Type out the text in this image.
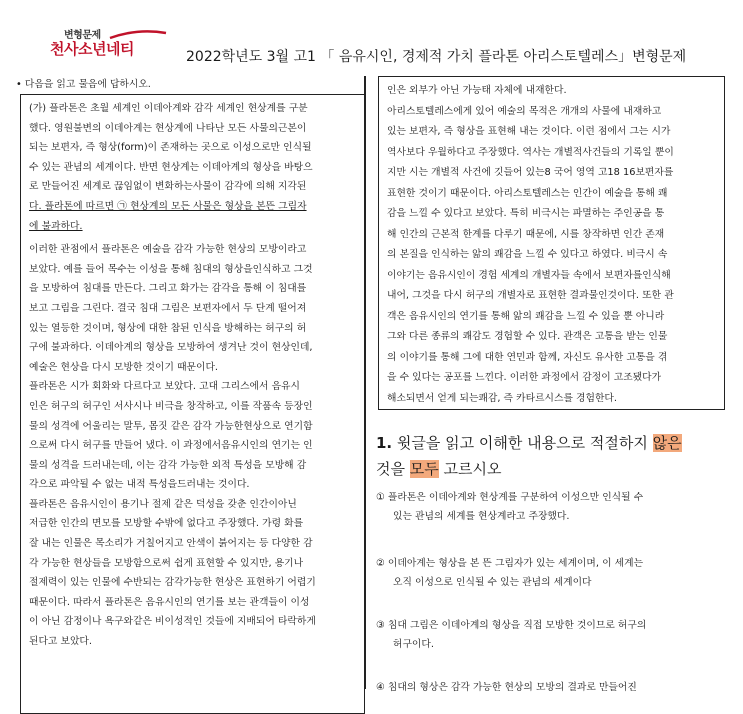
변형문제
천사소년네티	2022학년도 3월 고1 「 음유시인, 경제적 가치 플라톤 아리스토텔레스」변형문제
• 다음을 읽고 물음에 답하시오.
(가) 플라톤은 초월 세계인 이데아계와 감각 세계인 현상계를 구분
했다. 영원불변의 이데아계는 현상계에 나타난 모든 사물의근본이
되는 보편자, 즉 형상(form)이 존재하는 곳으로 이성으로만 인식될
수 있는 관념의 세계이다. 반면 현상계는 이데아계의 형상을 바탕으
로 만들어진 세계로 끊임없이 변화하는사물이 감각에 의해 지각된
다. 플라톤에 따르면 ㉠ 현상계의 모든 사물은 형상을 본뜬 그림자
에 불과하다.
이러한 관점에서 플라톤은 예술을 감각 가능한 현상의 모방이라고
보았다. 예를 들어 목수는 이성을 통해 침대의 형상을인식하고 그것
을 모방하여 침대를 만든다. 그리고 화가는 감각을 통해 이 침대를
보고 그림을 그린다. 결국 침대 그림은 보편자에서 두 단계 떨어져
있는 열등한 것이며, 형상에 대한 참된 인식을 방해하는 허구의 허
구에 불과하다. 이데아계의 형상을 모방하여 생겨난 것이 현상인데,
예술은 현상을 다시 모방한 것이기 때문이다.
플라톤은 시가 회화와 다르다고 보았다. 고대 그리스에서 음유시
인은 허구의 허구인 서사시나 비극을 창작하고, 이를 작품속 등장인
물의 성격에 어울리는 말투, 몸짓 같은 감각 가능한현상으로 연기함
으로써 다시 허구를 만들어 냈다. 이 과정에서음유시인의 연기는 인
물의 성격을 드러내는데, 이는 감각 가능한 외적 특성을 모방해 감
각으로 파악될 수 없는 내적 특성을드러내는 것이다.
플라톤은 음유시인이 용기나 절제 같은 덕성을 갖춘 인간이아닌
저급한 인간의 면모를 모방할 수밖에 없다고 주장했다. 가령 화를
잘 내는 인물은 목소리가 거칠어지고 안색이 붉어지는 등 다양한 감
각 가능한 현상들을 모방함으로써 쉽게 표현할 수 있지만, 용기나
절제력이 있는 인물에 수반되는 감각가능한 현상은 표현하기 어렵기
때문이다. 따라서 플라톤은 음유시인의 연기를 보는 관객들이 이성
이 아닌 감정이나 욕구와같은 비이성적인 것들에 지배되어 타락하게
된다고 보았다.
인은 외부가 아닌 가능태 자체에 내재한다.
아리스토텔레스에게 있어 예술의 목적은 개개의 사물에 내재하고
있는 보편자, 즉 형상을 표현해 내는 것이다. 이런 점에서 그는 시가
역사보다 우월하다고 주장했다. 역사는 개별적사건들의 기록일 뿐이
지만 시는 개별적 사건에 깃들어 있는8 국어 영역 고18 16보편자를
표현한 것이기 때문이다. 아리스토텔레스는 인간이 예술을 통해 쾌
감을 느낄 수 있다고 보았다. 특히 비극시는 파멸하는 주인공을 통
해 인간의 근본적 한계를 다루기 때문에, 시를 창작하면 인간 존재
의 본질을 인식하는 앎의 쾌감을 느낄 수 있다고 하였다. 비극시 속
이야기는 음유시인이 경험 세계의 개별자들 속에서 보편자를인식해
내어, 그것을 다시 허구의 개별자로 표현한 결과물인것이다. 또한 관
객은 음유시인의 연기를 통해 앎의 쾌감을 느낄 수 있을 뿐 아니라
그와 다른 종류의 쾌감도 경험할 수 있다. 관객은 고통을 받는 인물
의 이야기를 통해 그에 대한 연민과 함께, 자신도 유사한 고통을 겪
을 수 있다는 공포를 느낀다. 이러한 과정에서 감정이 고조됐다가
해소되면서 얻게 되는쾌감, 즉 카타르시스를 경험한다.
1. 윗글을 읽고 이해한 내용으로 적절하지 않은
것을 모두 고르시오
① 플라톤은 이데아계와 현상계를 구분하여 이성으만 인식될 수
있는 관념의 세계를 현상계라고 주장했다.
② 이데아계는 형상을 본 뜬 그림자가 있는 세계이며, 이 세계는
오직 이성으로 인식될 수 있는 관념의 세계이다
③ 침대 그림은 이데아계의 형상을 직접 모방한 것이므로 허구의
허구이다.
④ 침대의 형상은 감각 가능한 현상의 모방의 결과로 만들어진
